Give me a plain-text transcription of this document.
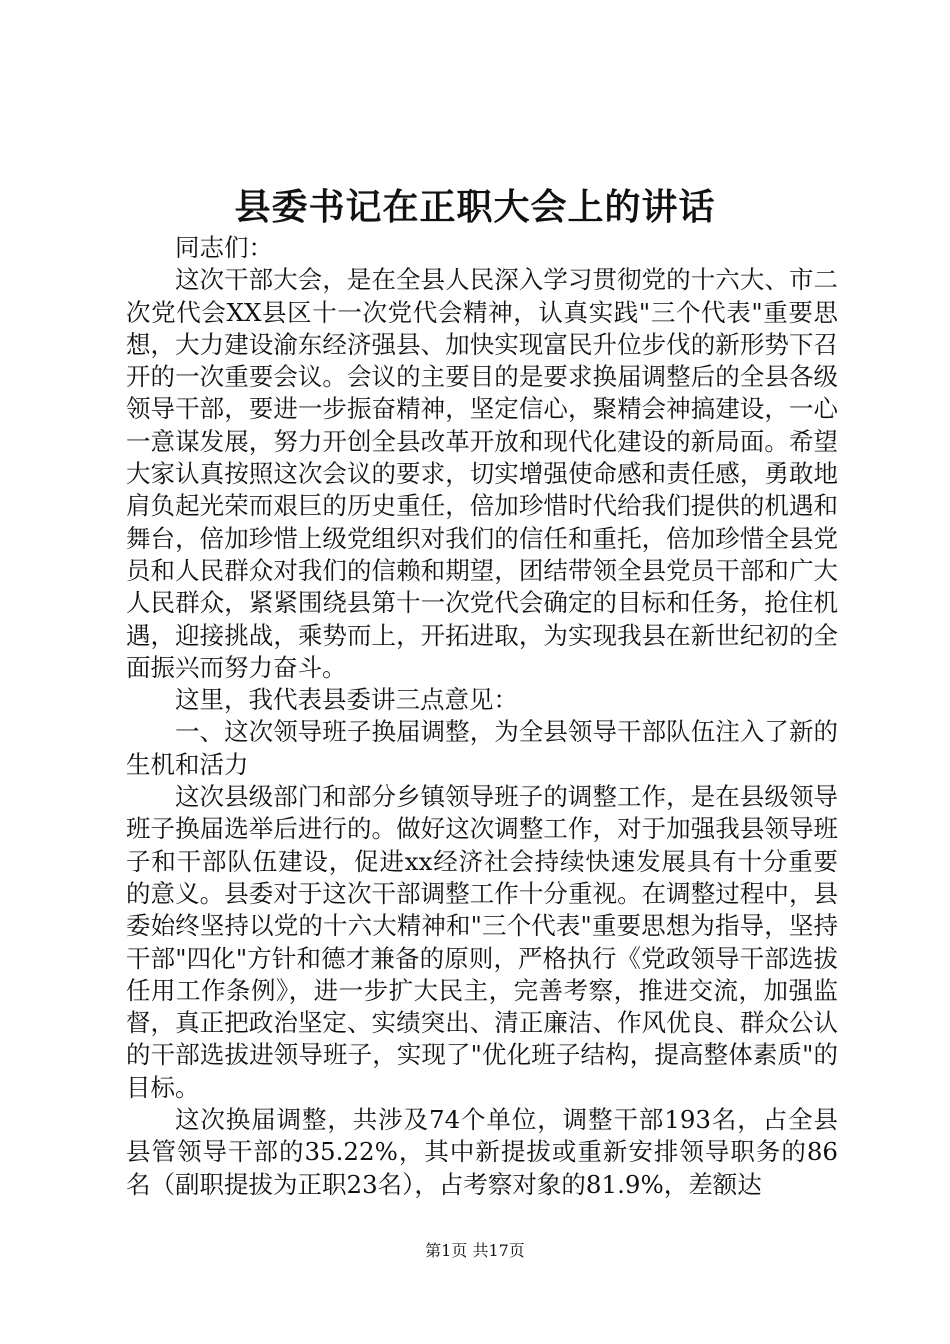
县委书记在正职大会上的讲话

同志们：

这次干部大会，是在全县人民深入学习贯彻党的十六大、市二次党代会XX县区十一次党代会精神，认真实践"三个代表"重要思想，大力建设渝东经济强县、加快实现富民升位步伐的新形势下召开的一次重要会议。会议的主要目的是要求换届调整后的全县各级领导干部，要进一步振奋精神，坚定信心，聚精会神搞建设，一心一意谋发展，努力开创全县改革开放和现代化建设的新局面。希望大家认真按照这次会议的要求，切实增强使命感和责任感，勇敢地肩负起光荣而艰巨的历史重任，倍加珍惜时代给我们提供的机遇和舞台，倍加珍惜上级党组织对我们的信任和重托，倍加珍惜全县党员和人民群众对我们的信赖和期望，团结带领全县党员干部和广大人民群众，紧紧围绕县第十一次党代会确定的目标和任务，抢住机遇，迎接挑战，乘势而上，开拓进取，为实现我县在新世纪初的全面振兴而努力奋斗。

这里，我代表县委讲三点意见：

一、这次领导班子换届调整，为全县领导干部队伍注入了新的生机和活力

这次县级部门和部分乡镇领导班子的调整工作，是在县级领导班子换届选举后进行的。做好这次调整工作，对于加强我县领导班子和干部队伍建设，促进xx经济社会持续快速发展具有十分重要的意义。县委对于这次干部调整工作十分重视。在调整过程中，县委始终坚持以党的十六大精神和"三个代表"重要思想为指导，坚持干部"四化"方针和德才兼备的原则，严格执行《党政领导干部选拔任用工作条例》，进一步扩大民主，完善考察，推进交流，加强监督，真正把政治坚定、实绩突出、清正廉洁、作风优良、群众公认的干部选拔进领导班子，实现了"优化班子结构，提高整体素质"的目标。

这次换届调整，共涉及74个单位，调整干部193名，占全县县管领导干部的35.22%，其中新提拔或重新安排领导职务的86名（副职提拔为正职23名），占考察对象的81.9%，差额达

第1页 共17页
